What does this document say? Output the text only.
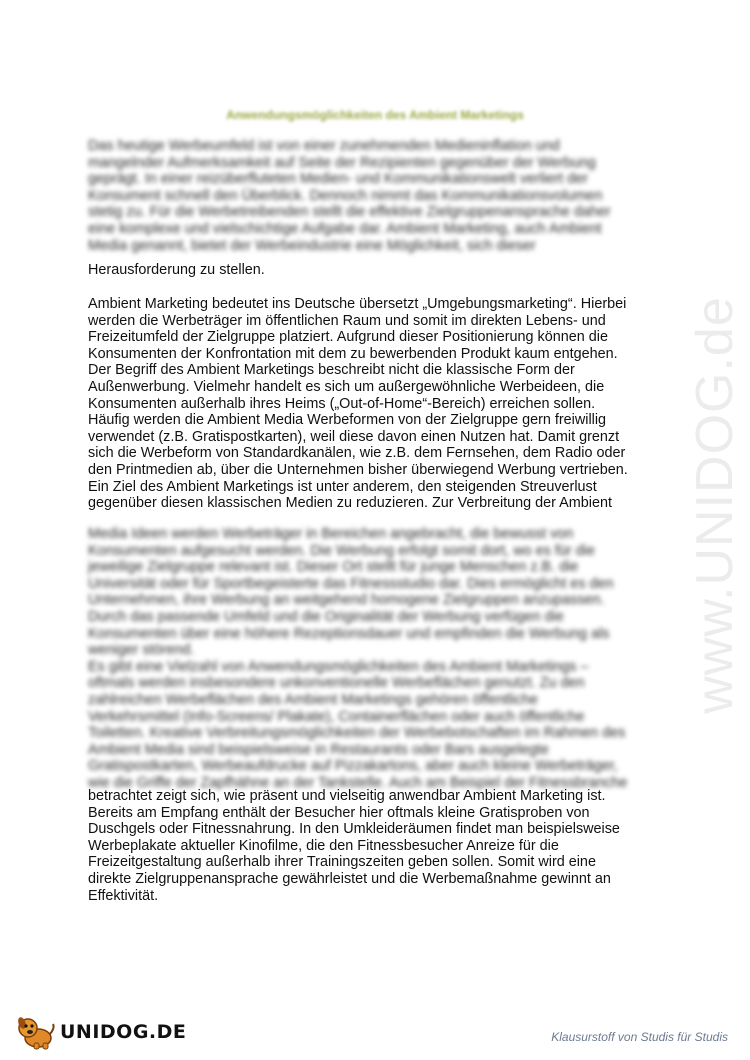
www.UNIDOG.de
Anwendungsmöglichkeiten des Ambient Marketings

Das heutige Werbeumfeld ist von einer zunehmenden Medieninflation und
mangelnder Aufmerksamkeit auf Seite der Rezipienten gegenüber der Werbung
geprägt. In einer reizüberfluteten Medien- und Kommunikationswelt verliert der
Konsument schnell den Überblick. Dennoch nimmt das Kommunikationsvolumen
stetig zu. Für die Werbetreibenden stellt die effektive Zielgruppenansprache daher
eine komplexe und vielschichtige Aufgabe dar. Ambient Marketing, auch Ambient
Media genannt, bietet der Werbeindustrie eine Möglichkeit, sich dieser

Herausforderung zu stellen.

Ambient Marketing bedeutet ins Deutsche übersetzt „Umgebungsmarketing“. Hierbei
werden die Werbeträger im öffentlichen Raum und somit im direkten Lebens- und
Freizeitumfeld der Zielgruppe platziert. Aufgrund dieser Positionierung können die
Konsumenten der Konfrontation mit dem zu bewerbenden Produkt kaum entgehen.
Der Begriff des Ambient Marketings beschreibt nicht die klassische Form der
Außenwerbung. Vielmehr handelt es sich um außergewöhnliche Werbeideen, die
Konsumenten außerhalb ihres Heims („Out-of-Home“-Bereich) erreichen sollen.
Häufig werden die Ambient Media Werbeformen von der Zielgruppe gern freiwillig
verwendet (z.B. Gratispostkarten), weil diese davon einen Nutzen hat. Damit grenzt
sich die Werbeform von Standardkanälen, wie z.B. dem Fernsehen, dem Radio oder
den Printmedien ab, über die Unternehmen bisher überwiegend Werbung vertrieben.
Ein Ziel des Ambient Marketings ist unter anderem, den steigenden Streuverlust
gegenüber diesen klassischen Medien zu reduzieren. Zur Verbreitung der Ambient

Media Ideen werden Werbeträger in Bereichen angebracht, die bewusst von
Konsumenten aufgesucht werden. Die Werbung erfolgt somit dort, wo es für die
jeweilige Zielgruppe relevant ist. Dieser Ort stellt für junge Menschen z.B. die
Universität oder für Sportbegeisterte das Fitnessstudio dar. Dies ermöglicht es den
Unternehmen, ihre Werbung an weitgehend homogene Zielgruppen anzupassen.
Durch das passende Umfeld und die Originalität der Werbung verfügen die
Konsumenten über eine höhere Rezeptionsdauer und empfinden die Werbung als
weniger störend.
Es gibt eine Vielzahl von Anwendungsmöglichkeiten des Ambient Marketings –
oftmals werden insbesondere unkonventionelle Werbeflächen genutzt. Zu den
zahlreichen Werbeflächen des Ambient Marketings gehören öffentliche
Verkehrsmittel (Info-Screens/ Plakate), Containerflächen oder auch öffentliche
Toiletten. Kreative Verbreitungsmöglichkeiten der Werbebotschaften im Rahmen des
Ambient Media sind beispielsweise in Restaurants oder Bars ausgelegte
Gratispostkarten, Werbeaufdrucke auf Pizzakartons, aber auch kleine Werbeträger,
wie die Griffe der Zapfhähne an der Tankstelle. Auch am Beispiel der Fitnessbranche

betrachtet zeigt sich, wie präsent und vielseitig anwendbar Ambient Marketing ist.
Bereits am Empfang enthält der Besucher hier oftmals kleine Gratisproben von
Duschgels oder Fitnessnahrung. In den Umkleideräumen findet man beispielsweise
Werbeplakate aktueller Kinofilme, die den Fitnessbesucher Anreize für die
Freizeitgestaltung außerhalb ihrer Trainingszeiten geben sollen. Somit wird eine
direkte Zielgruppenansprache gewährleistet und die Werbemaßnahme gewinnt an
Effektivität.

UNIDOG.DE	Klausurstoff von Studis für Studis
